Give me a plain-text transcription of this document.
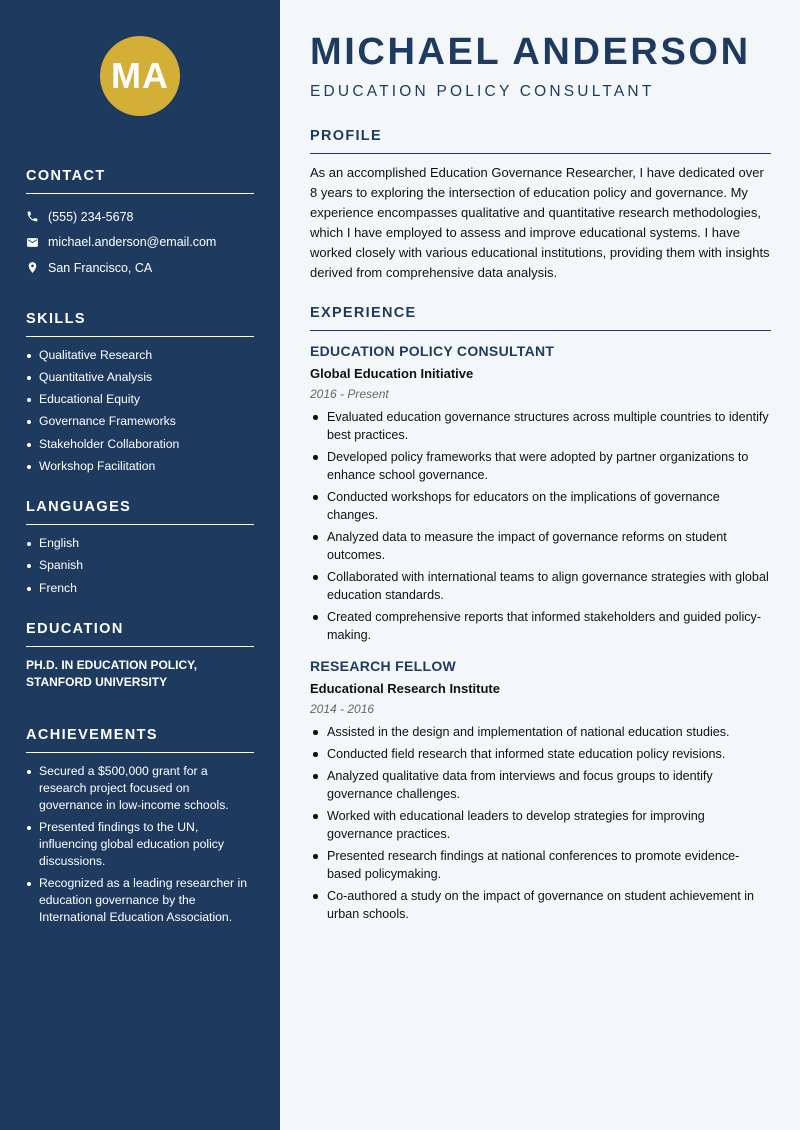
MA
CONTACT
(555) 234-5678
michael.anderson@email.com
San Francisco, CA
SKILLS
Qualitative Research
Quantitative Analysis
Educational Equity
Governance Frameworks
Stakeholder Collaboration
Workshop Facilitation
LANGUAGES
English
Spanish
French
EDUCATION
PH.D. IN EDUCATION POLICY, STANFORD UNIVERSITY
ACHIEVEMENTS
Secured a $500,000 grant for a research project focused on governance in low-income schools.
Presented findings to the UN, influencing global education policy discussions.
Recognized as a leading researcher in education governance by the International Education Association.
MICHAEL ANDERSON
EDUCATION POLICY CONSULTANT
PROFILE

As an accomplished Education Governance Researcher, I have dedicated over 8 years to exploring the intersection of education policy and governance. My experience encompasses qualitative and quantitative research methodologies, which I have employed to assess and improve educational systems. I have worked closely with various educational institutions, providing them with insights derived from comprehensive data analysis.

EXPERIENCE
EDUCATION POLICY CONSULTANT
Global Education Initiative
2016 - Present
Evaluated education governance structures across multiple countries to identify best practices.
Developed policy frameworks that were adopted by partner organizations to enhance school governance.
Conducted workshops for educators on the implications of governance changes.
Analyzed data to measure the impact of governance reforms on student outcomes.
Collaborated with international teams to align governance strategies with global education standards.
Created comprehensive reports that informed stakeholders and guided policy-making.
RESEARCH FELLOW
Educational Research Institute
2014 - 2016
Assisted in the design and implementation of national education studies.
Conducted field research that informed state education policy revisions.
Analyzed qualitative data from interviews and focus groups to identify governance challenges.
Worked with educational leaders to develop strategies for improving governance practices.
Presented research findings at national conferences to promote evidence-based policymaking.
Co-authored a study on the impact of governance on student achievement in urban schools.
